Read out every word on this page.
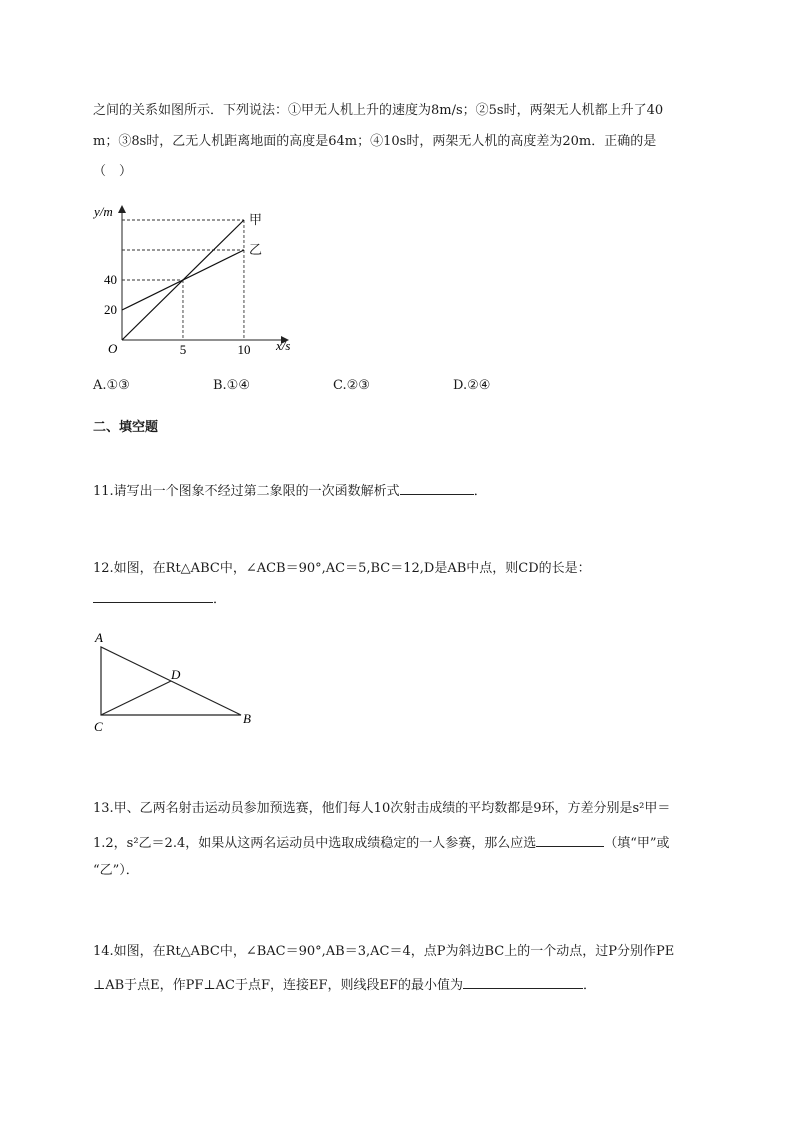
之间的关系如图所示．下列说法：①甲无人机上升的速度为8m/s；②5s时，两架无人机都上升了40
m；③8s时，乙无人机距离地面的高度是64m；④10s时，两架无人机的高度差为20m．正确的是
（　）
甲
乙
5	10
20
40
O
y/m
x/s
A.①③	B.①④	C.②③	D.②④
二、填空题
11.请写出一个图象不经过第二象限的一次函数解析式	．
12.如图，在Rt△ABC中，∠ACB＝90°,AC＝5,BC＝12,D是AB中点，则CD的长是：
．
A
D
C
B
13.甲、乙两名射击运动员参加预选赛，他们每人10次射击成绩的平均数都是9环，方差分别是s²甲＝
1.2，s²乙＝2.4，如果从这两名运动员中选取成绩稳定的一人参赛，那么应选	（填“甲”或
“乙”）．
14.如图，在Rt△ABC中，∠BAC＝90°,AB＝3,AC＝4，点P为斜边BC上的一个动点，过P分别作PE
⊥AB于点E，作PF⊥AC于点F，连接EF，则线段EF的最小值为	．
